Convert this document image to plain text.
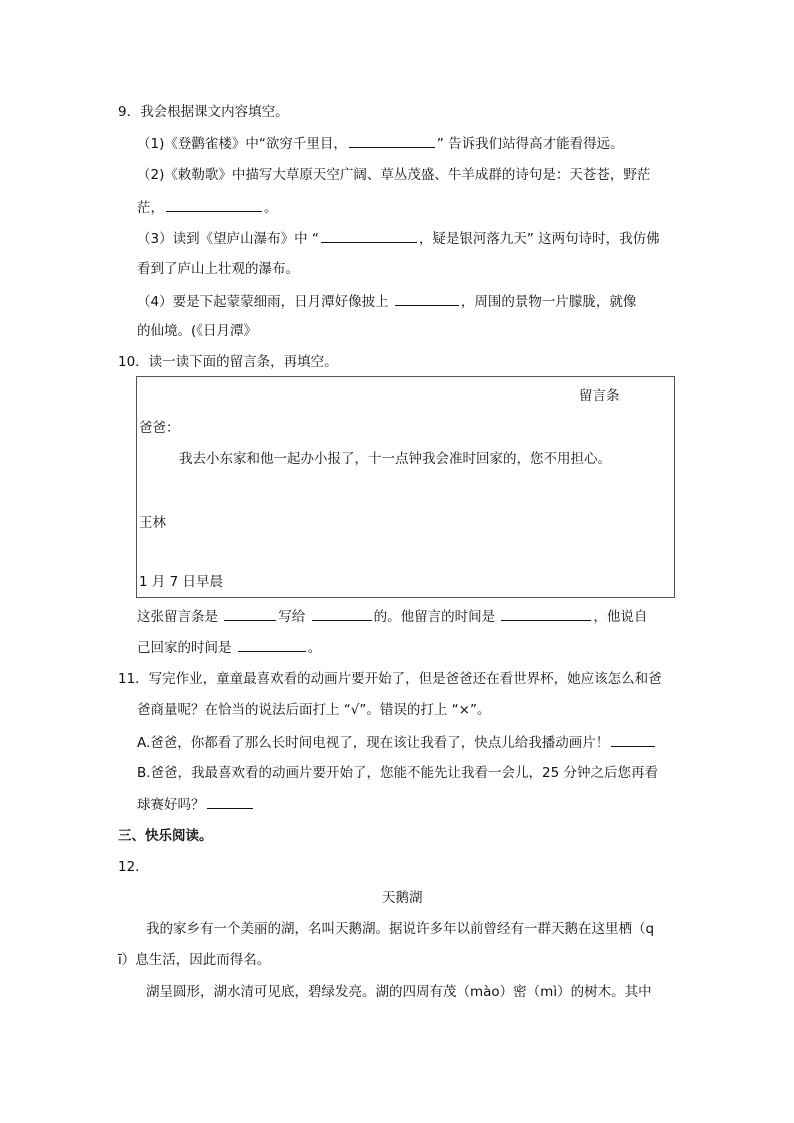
9．我会根据课文内容填空。
（1)《登鹳雀楼》中“欲穷千里目，	” 告诉我们站得高才能看得远。
（2)《敕勒歌》中描写大草原天空广阔、草丛茂盛、牛羊成群的诗句是：天苍苍，野茫
茫，	。
（3）读到《望庐山瀑布》中 “	，疑是银河落九天” 这两句诗时，我仿佛
看到了庐山上壮观的瀑布。
（4）要是下起蒙蒙细雨，日月潭好像披上	，周围的景物一片朦胧，就像
的仙境。(《日月潭》
10．读一读下面的留言条，再填空。
留言条
爸爸：
我去小东家和他一起办小报了，十一点钟我会准时回家的，您不用担心。
王林
1 月 7 日早晨
这张留言条是	写给	的。他留言的时间是	，他说自
己回家的时间是	。
11．写完作业，童童最喜欢看的动画片要开始了，但是爸爸还在看世界杯，她应该怎么和爸
爸商量呢？在恰当的说法后面打上 “√”。错误的打上 “×”。
A.爸爸，你都看了那么长时间电视了，现在该让我看了，快点儿给我播动画片！
B.爸爸，我最喜欢看的动画片要开始了，您能不能先让我看一会儿，25 分钟之后您再看
球赛好吗？
三、快乐阅读。
12．
天鹅湖
我的家乡有一个美丽的湖，名叫天鹅湖。据说许多年以前曾经有一群天鹅在这里栖（q
ī）息生活，因此而得名。
湖呈圆形，湖水清可见底，碧绿发亮。湖的四周有茂（mào）密（mì）的树木。其中
